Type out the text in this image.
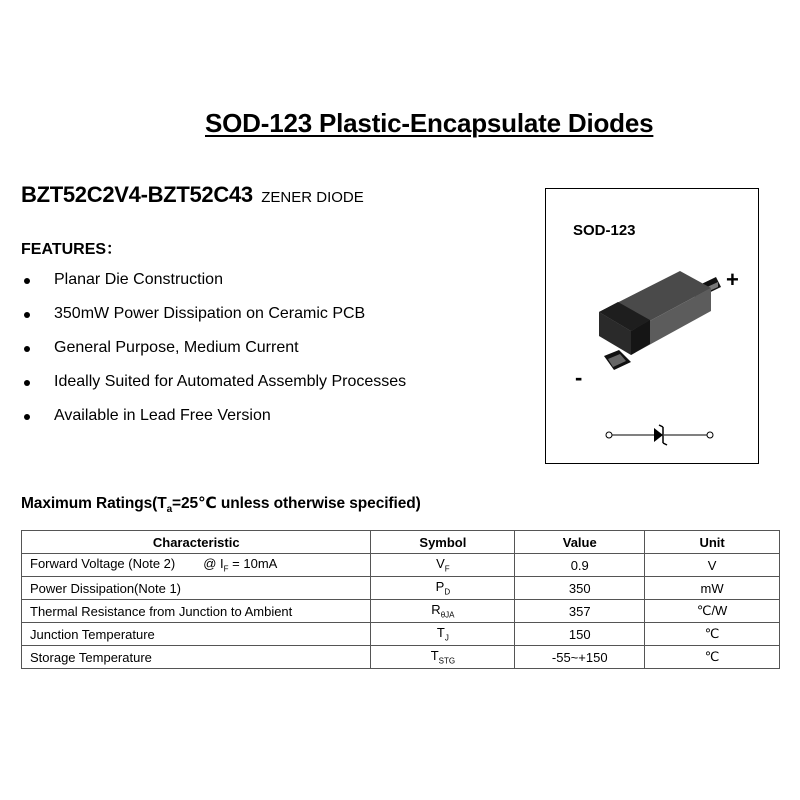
SOD-123 Plastic-Encapsulate Diodes
BZT52C2V4-BZT52C43 ZENER DIODE
FEATURES：
Planar Die Construction
350mW Power Dissipation on Ceramic PCB
General Purpose, Medium Current
Ideally Suited for Automated Assembly Processes
Available in Lead Free Version
SOD-123
+
-
Maximum $Ratings(T_a=25℃$ unless otherwise specified)
Characteristic	Symbol	Value	Unit
Forward Voltage (Note 2) @ $I_F = 10mA$	$V_F$	0.9	V
Power Dissipation(Note 1)	$P_D$	350	mW
Thermal Resistance from Junction to Ambient	$R_{\theta JA}$	357	℃/W
Junction Temperature	$T_J$	150	℃
Storage Temperature	$T_{STG}$	-55~+150	℃
